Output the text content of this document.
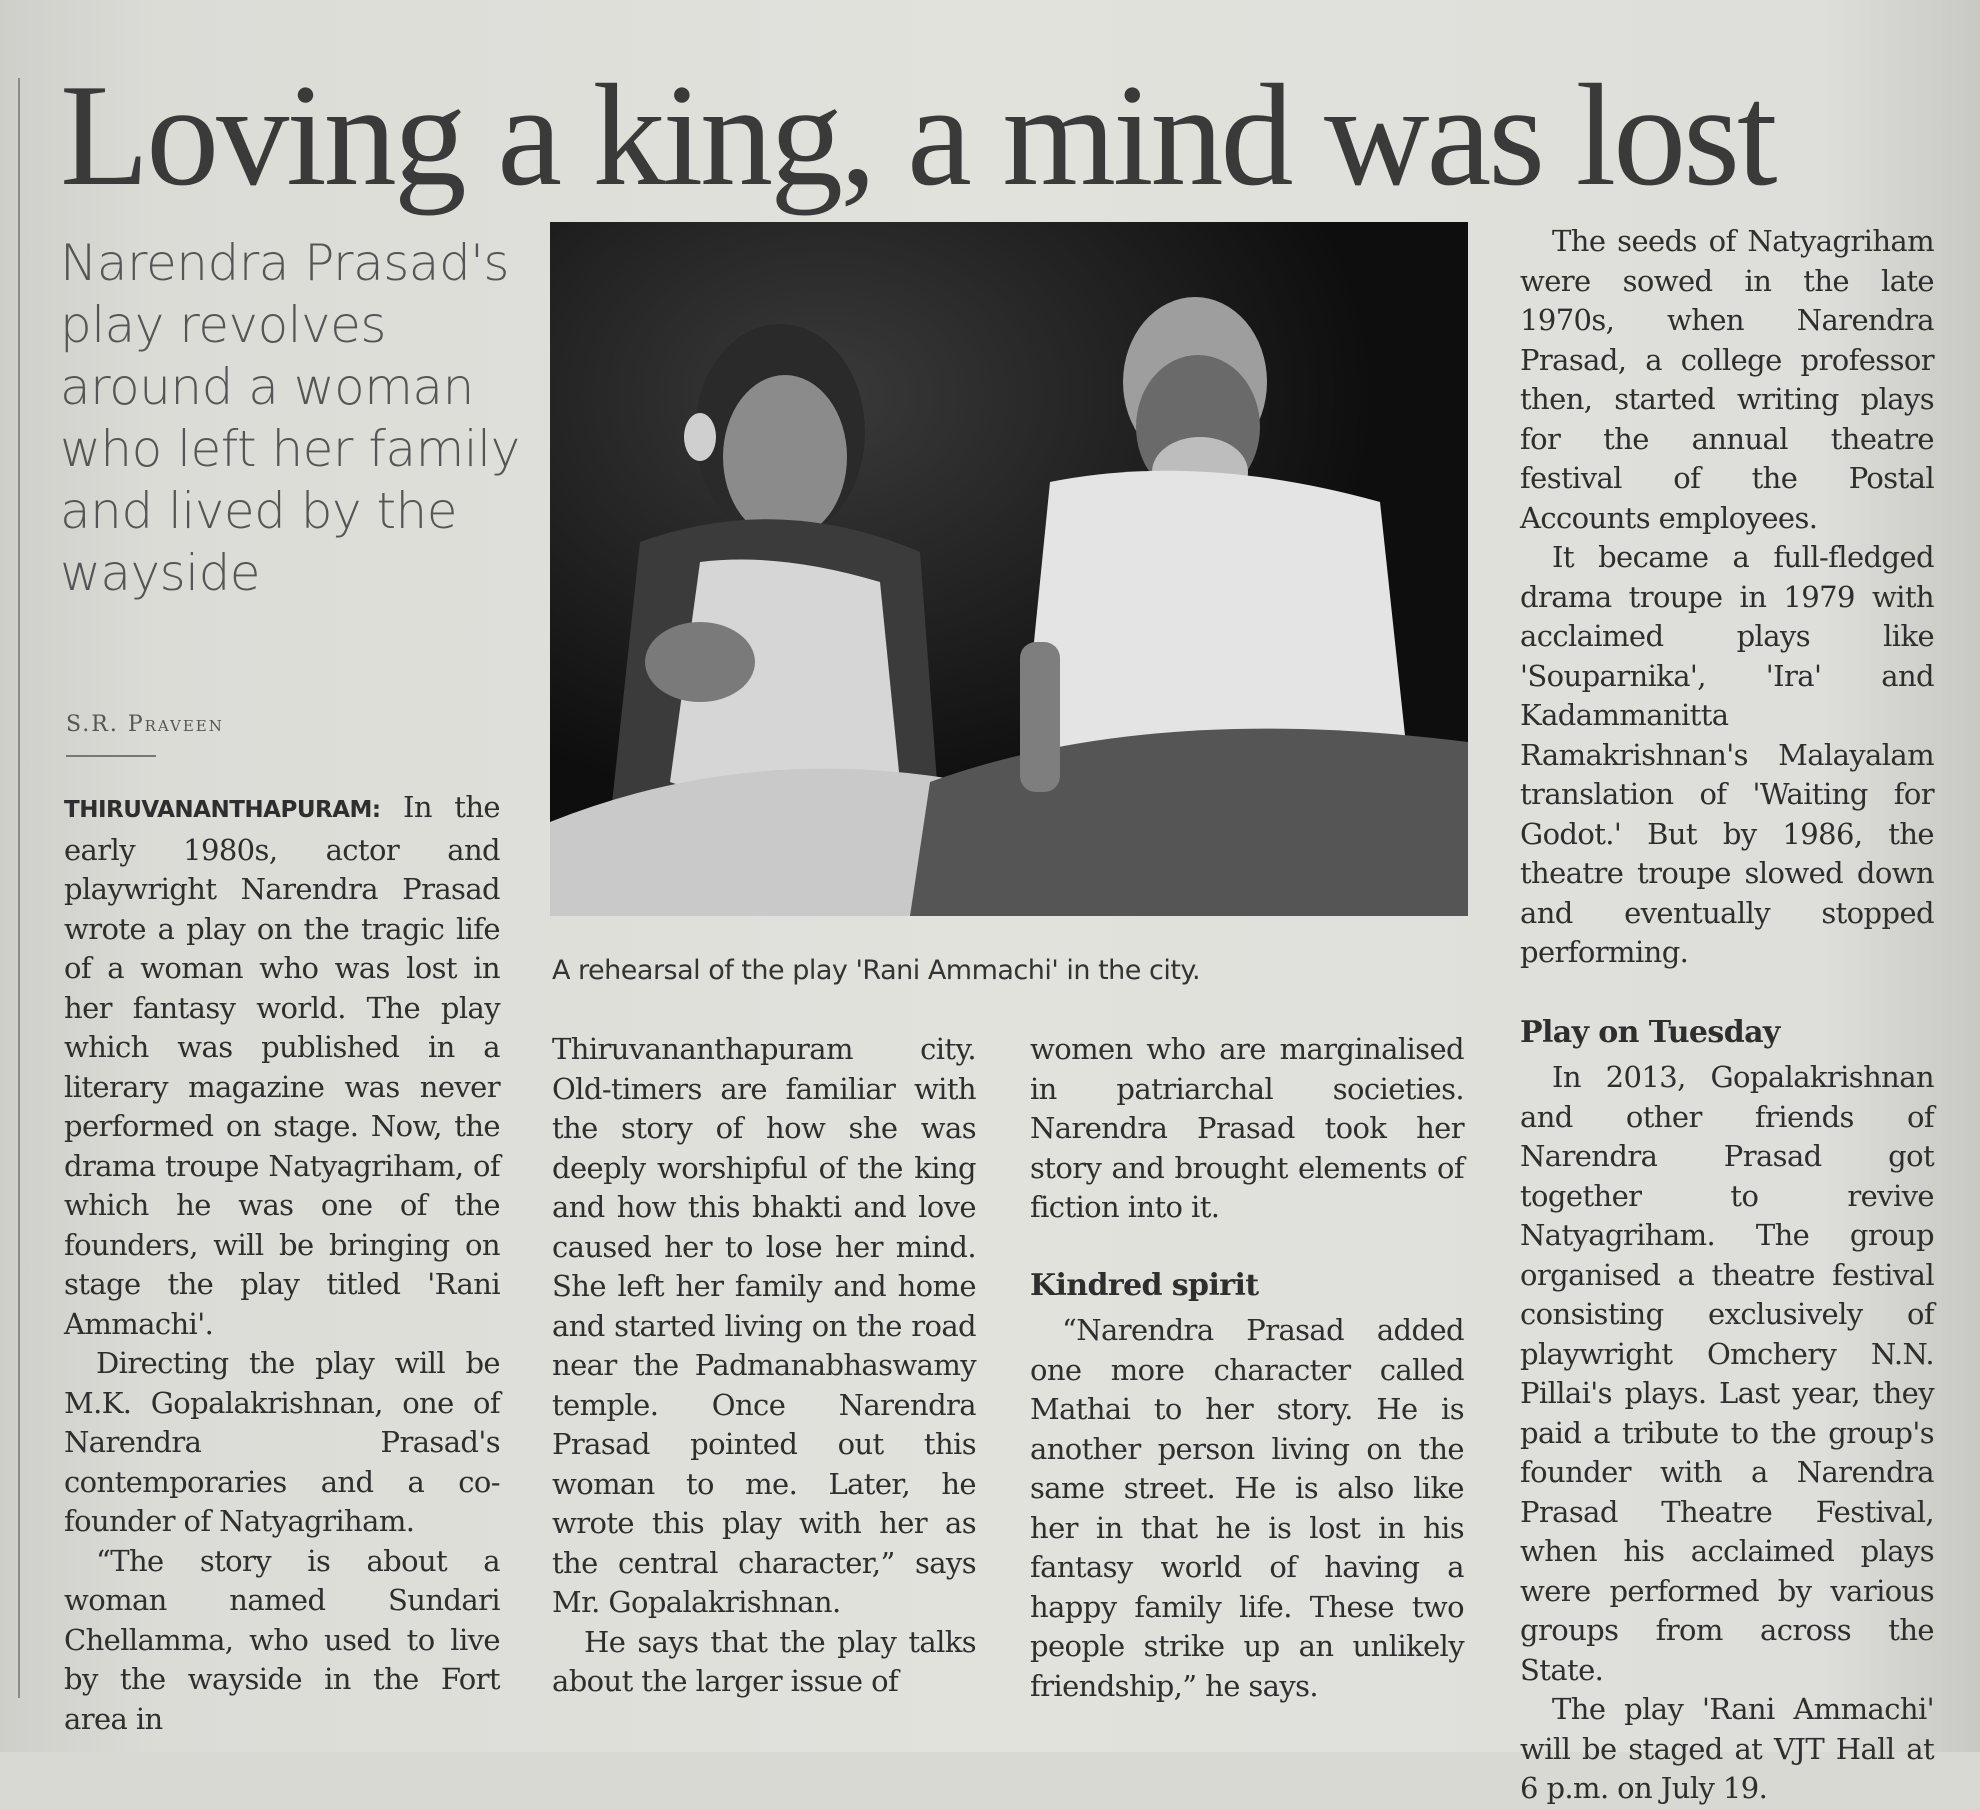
Loving a king, a mind was lost
Narendra Prasad's play revolves around a woman who left her family and lived by the wayside
S.R. Praveen

THIRUVANANTHAPURAM: In the early 1980s, actor and playwright Narendra Prasad wrote a play on the tragic life of a woman who was lost in her fantasy world. The play which was published in a literary magazine was never performed on stage. Now, the drama troupe Natyagriham, of which he was one of the founders, will be bringing on stage the play titled 'Rani Ammachi'.

Directing the play will be M.K. Gopalakrishnan, one of Narendra Prasad's contemporaries and a co-founder of Natyagriham.

“The story is about a woman named Sundari Chellamma, who used to live by the wayside in the Fort area in

A rehearsal of the play 'Rani Ammachi' in the city.

Thiruvananthapuram city. Old-timers are familiar with the story of how she was deeply worshipful of the king and how this bhakti and love caused her to lose her mind. She left her family and home and started living on the road near the Padmanabhaswamy temple. Once Narendra Prasad pointed out this woman to me. Later, he wrote this play with her as the central character,” says Mr. Gopalakrishnan.

He says that the play talks about the larger issue of

women who are marginalised in patriarchal societies. Narendra Prasad took her story and brought elements of fiction into it.

Kindred spirit

“Narendra Prasad added one more character called Mathai to her story. He is another person living on the same street. He is also like her in that he is lost in his fantasy world of having a happy family life. These two people strike up an unlikely friendship,” he says.

The seeds of Natyagriham were sowed in the late 1970s, when Narendra Prasad, a college professor then, started writing plays for the annual theatre festival of the Postal Accounts employees.

It became a full-fledged drama troupe in 1979 with acclaimed plays like 'Souparnika', 'Ira' and Kadammanitta Ramakrishnan's Malayalam translation of 'Waiting for Godot.' But by 1986, the theatre troupe slowed down and eventually stopped performing.

Play on Tuesday

In 2013, Gopalakrishnan and other friends of Narendra Prasad got together to revive Natyagriham. The group organised a theatre festival consisting exclusively of playwright Omchery N.N. Pillai's plays. Last year, they paid a tribute to the group's founder with a Narendra Prasad Theatre Festival, when his acclaimed plays were performed by various groups from across the State.

The play 'Rani Ammachi' will be staged at VJT Hall at 6 p.m. on July 19.
